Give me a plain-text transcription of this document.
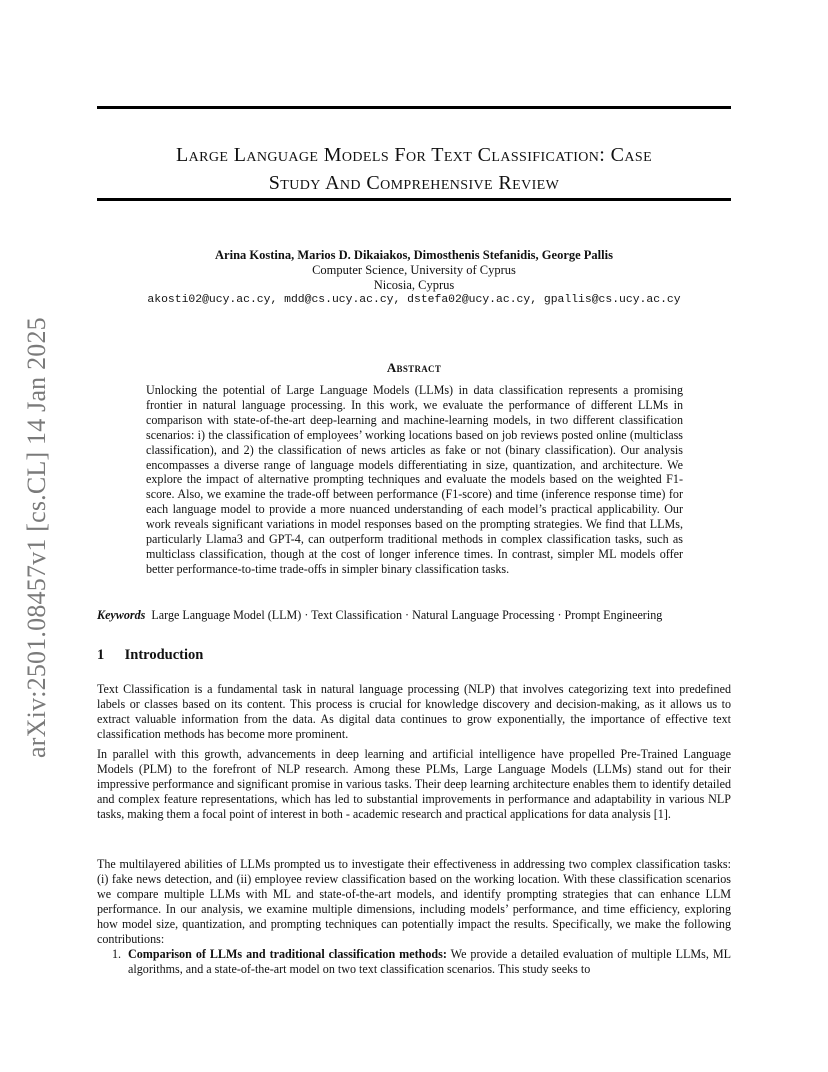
Large Language Models For Text Classification: Case
Study And Comprehensive Review
arXiv:2501.08457v1 [cs.CL] 14 Jan 2025
Arina Kostina, Marios D. Dikaiakos, Dimosthenis Stefanidis, George Pallis
Computer Science, University of Cyprus
Nicosia, Cyprus
akosti02@ucy.ac.cy, mdd@cs.ucy.ac.cy, dstefa02@ucy.ac.cy, gpallis@cs.ucy.ac.cy
Abstract
Unlocking the potential of Large Language Models (LLMs) in data classification represents a promising frontier in natural language processing. In this work, we evaluate the performance of different LLMs in comparison with state-of-the-art deep-learning and machine-learning models, in two different classification scenarios: i) the classification of employees’ working locations based on job reviews posted online (multiclass classification), and 2) the classification of news articles as fake or not (binary classification). Our analysis encompasses a diverse range of language models differentiating in size, quantization, and architecture. We explore the impact of alternative prompting techniques and evaluate the models based on the weighted F1-score. Also, we examine the trade-off between performance (F1-score) and time (inference response time) for each language model to provide a more nuanced understanding of each model’s practical applicability. Our work reveals significant variations in model responses based on the prompting strategies. We find that LLMs, particularly Llama3 and GPT-4, can outperform traditional methods in complex classification tasks, such as multiclass classification, though at the cost of longer inference times. In contrast, simpler ML models offer better performance-to-time trade-offs in simpler binary classification tasks.
Keywords Large Language Model (LLM) · Text Classification · Natural Language Processing · Prompt Engineering
1 Introduction
Text Classification is a fundamental task in natural language processing (NLP) that involves categorizing text into predefined labels or classes based on its content. This process is crucial for knowledge discovery and decision-making, as it allows us to extract valuable information from the data. As digital data continues to grow exponentially, the importance of effective text classification methods has become more prominent.
In parallel with this growth, advancements in deep learning and artificial intelligence have propelled Pre-Trained Language Models (PLM) to the forefront of NLP research. Among these PLMs, Large Language Models (LLMs) stand out for their impressive performance and significant promise in various tasks. Their deep learning architecture enables them to identify detailed and complex feature representations, which has led to substantial improvements in performance and adaptability in various NLP tasks, making them a focal point of interest in both - academic research and practical applications for data analysis [1].
The multilayered abilities of LLMs prompted us to investigate their effectiveness in addressing two complex classification tasks: (i) fake news detection, and (ii) employee review classification based on the working location. With these classification scenarios we compare multiple LLMs with ML and state-of-the-art models, and identify prompting strategies that can enhance LLM performance. In our analysis, we examine multiple dimensions, including models’ performance, and time efficiency, exploring how model size, quantization, and prompting techniques can potentially impact the results. Specifically, we make the following contributions:
1. Comparison of LLMs and traditional classification methods: We provide a detailed evaluation of multiple LLMs, ML algorithms, and a state-of-the-art model on two text classification scenarios. This study seeks to
